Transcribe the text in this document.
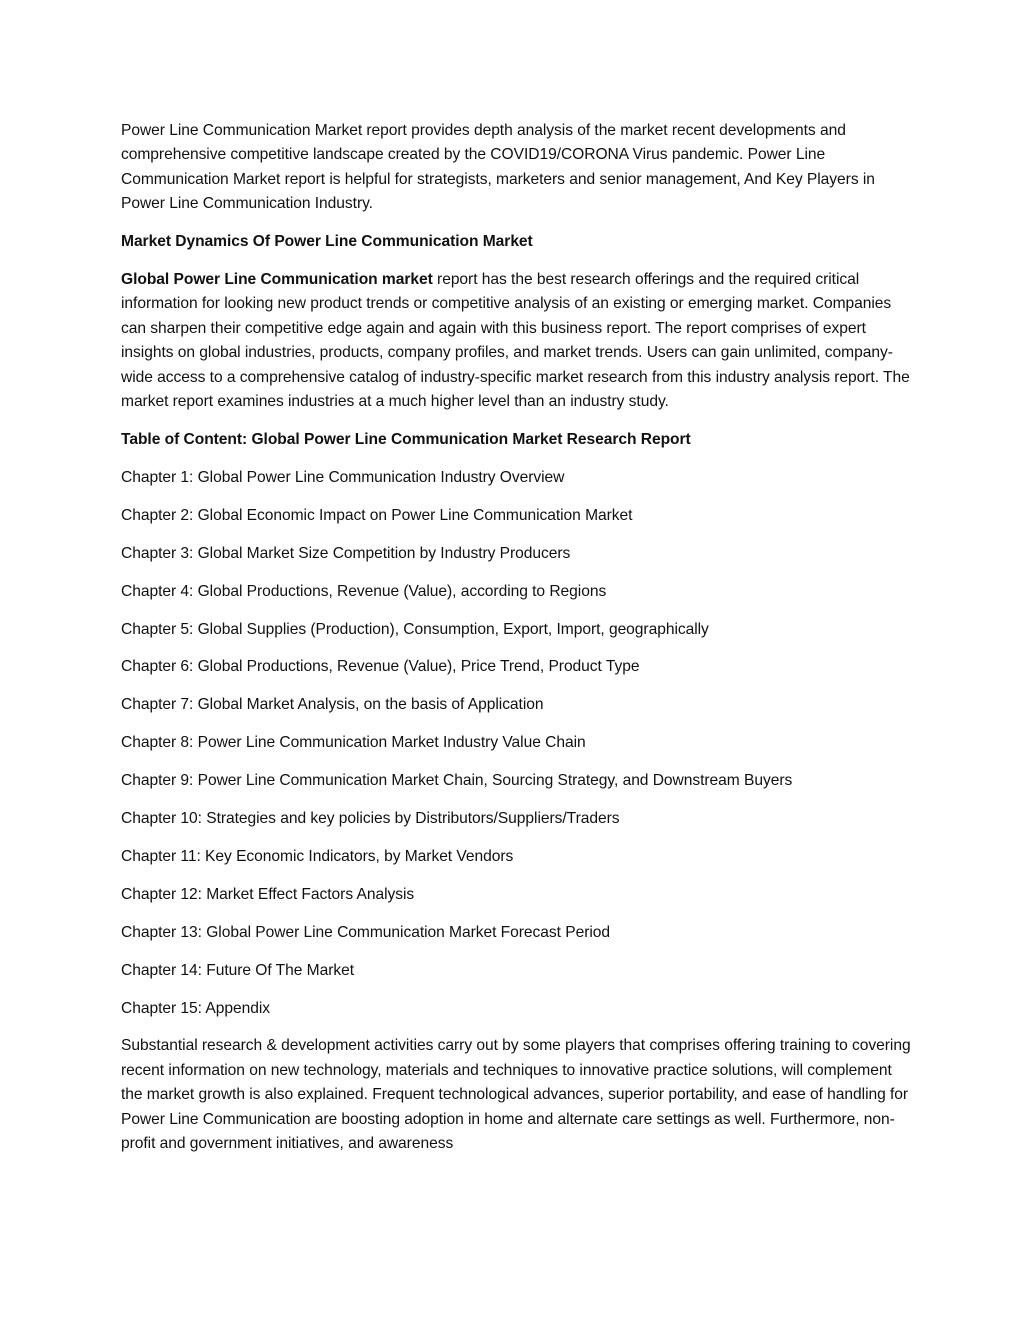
Power Line Communication Market report provides depth analysis of the market recent developments and comprehensive competitive landscape created by the COVID19/CORONA Virus pandemic. Power Line Communication Market report is helpful for strategists, marketers and senior management, And Key Players in Power Line Communication Industry.

Market Dynamics Of Power Line Communication Market

Global Power Line Communication market report has the best research offerings and the required critical information for looking new product trends or competitive analysis of an existing or emerging market. Companies can sharpen their competitive edge again and again with this business report. The report comprises of expert insights on global industries, products, company profiles, and market trends. Users can gain unlimited, company-wide access to a comprehensive catalog of industry-specific market research from this industry analysis report. The market report examines industries at a much higher level than an industry study.

Table of Content: Global Power Line Communication Market Research Report

Chapter 1: Global Power Line Communication Industry Overview

Chapter 2: Global Economic Impact on Power Line Communication Market

Chapter 3: Global Market Size Competition by Industry Producers

Chapter 4: Global Productions, Revenue (Value), according to Regions

Chapter 5: Global Supplies (Production), Consumption, Export, Import, geographically

Chapter 6: Global Productions, Revenue (Value), Price Trend, Product Type

Chapter 7: Global Market Analysis, on the basis of Application

Chapter 8: Power Line Communication Market Industry Value Chain

Chapter 9: Power Line Communication Market Chain, Sourcing Strategy, and Downstream Buyers

Chapter 10: Strategies and key policies by Distributors/Suppliers/Traders

Chapter 11: Key Economic Indicators, by Market Vendors

Chapter 12: Market Effect Factors Analysis

Chapter 13: Global Power Line Communication Market Forecast Period

Chapter 14: Future Of The Market

Chapter 15: Appendix

Substantial research & development activities carry out by some players that comprises offering training to covering recent information on new technology, materials and techniques to innovative practice solutions, will complement the market growth is also explained. Frequent technological advances, superior portability, and ease of handling for Power Line Communication are boosting adoption in home and alternate care settings as well. Furthermore, non-profit and government initiatives, and awareness
